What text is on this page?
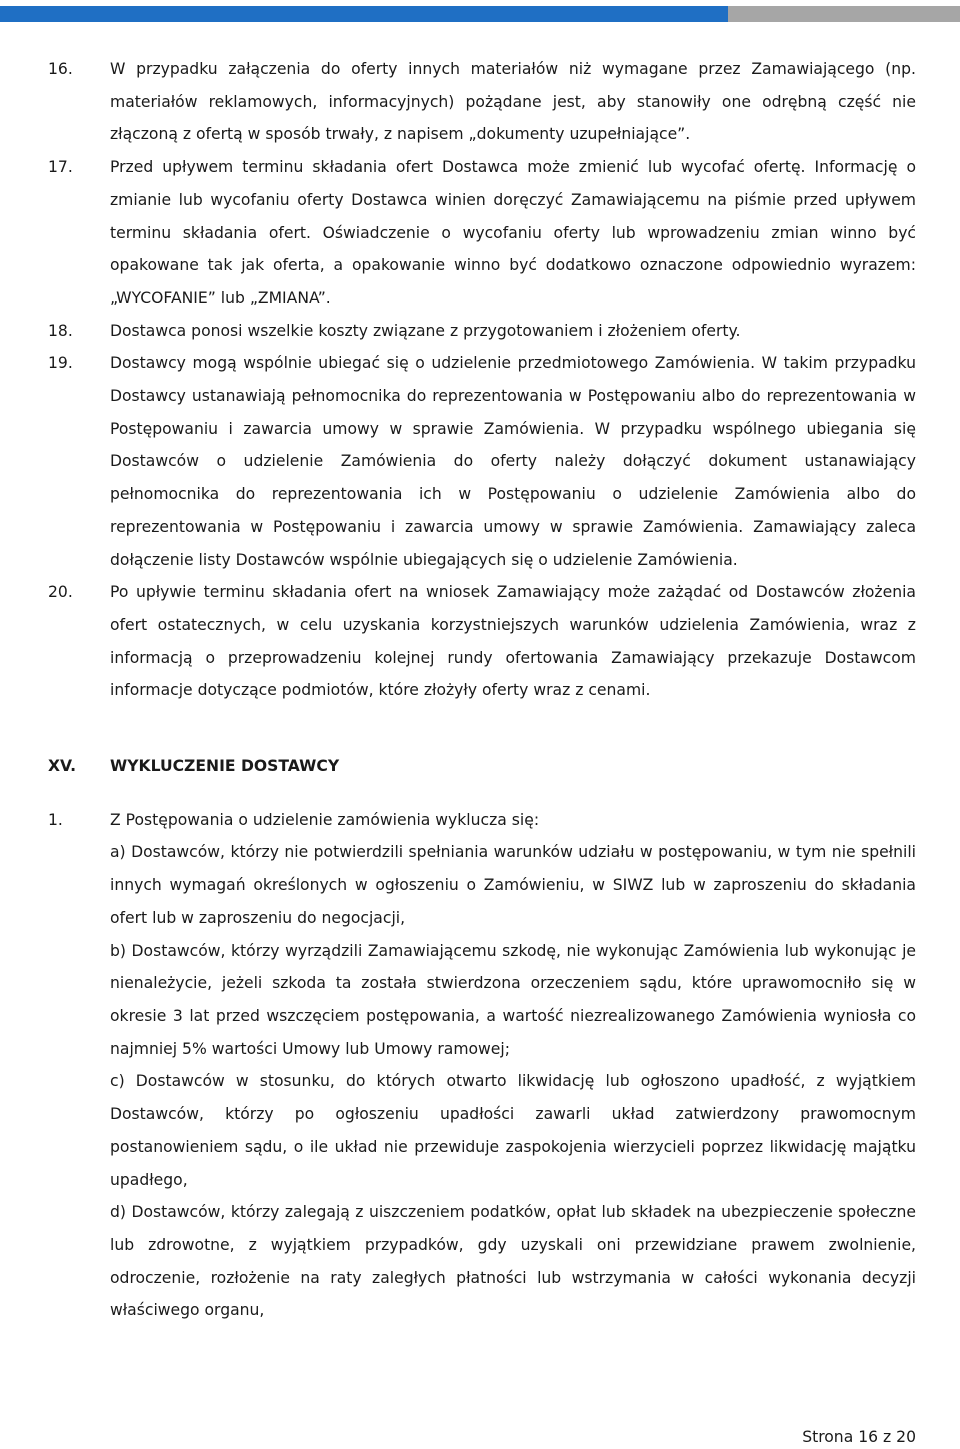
16.	W przypadku załączenia do oferty innych materiałów niż wymagane przez Zamawiającego (np. materiałów reklamowych, informacyjnych) pożądane jest, aby stanowiły one odrębną część nie złączoną z ofertą w sposób trwały, z napisem „dokumenty uzupełniające”.

17.	Przed upływem terminu składania ofert Dostawca może zmienić lub wycofać ofertę. Informację o zmianie lub wycofaniu oferty Dostawca winien doręczyć Zamawiającemu na piśmie przed upływem terminu składania ofert. Oświadczenie o wycofaniu oferty lub wprowadzeniu zmian winno być opakowane tak jak oferta, a opakowanie winno być dodatkowo oznaczone odpowiednio wyrazem: „WYCOFANIE” lub „ZMIANA”.

18.	Dostawca ponosi wszelkie koszty związane z przygotowaniem i złożeniem oferty.

19.	Dostawcy mogą wspólnie ubiegać się o udzielenie przedmiotowego Zamówienia. W takim przypadku Dostawcy ustanawiają pełnomocnika do reprezentowania w Postępowaniu albo do reprezentowania w Postępowaniu i zawarcia umowy w sprawie Zamówienia. W przypadku wspólnego ubiegania się Dostawców o udzielenie Zamówienia do oferty należy dołączyć dokument ustanawiający pełnomocnika do reprezentowania ich w Postępowaniu o udzielenie Zamówienia albo do reprezentowania w Postępowaniu i zawarcia umowy w sprawie Zamówienia. Zamawiający zaleca dołączenie listy Dostawców wspólnie ubiegających się o udzielenie Zamówienia.

20.	Po upływie terminu składania ofert na wniosek Zamawiający może zażądać od Dostawców złożenia ofert ostatecznych, w celu uzyskania korzystniejszych warunków udzielenia Zamówienia, wraz z informacją o przeprowadzeniu kolejnej rundy ofertowania Zamawiający przekazuje Dostawcom informacje dotyczące podmiotów, które złożyły oferty wraz z cenami.

XV.	WYKLUCZENIE DOSTAWCY
1.	Z Postępowania o udzielenie zamówienia wyklucza się:

a) Dostawców, którzy nie potwierdzili spełniania warunków udziału w postępowaniu, w tym nie spełnili innych wymagań określonych w ogłoszeniu o Zamówieniu, w SIWZ lub w zaproszeniu do składania ofert lub w zaproszeniu do negocjacji,

b) Dostawców, którzy wyrządzili Zamawiającemu szkodę, nie wykonując Zamówienia lub wykonując je nienależycie, jeżeli szkoda ta została stwierdzona orzeczeniem sądu, które uprawomocniło się w okresie 3 lat przed wszczęciem postępowania, a wartość niezrealizowanego Zamówienia wyniosła co najmniej 5% wartości Umowy lub Umowy ramowej;

c) Dostawców w stosunku, do których otwarto likwidację lub ogłoszono upadłość, z wyjątkiem Dostawców, którzy po ogłoszeniu upadłości zawarli układ zatwierdzony prawomocnym postanowieniem sądu, o ile układ nie przewiduje zaspokojenia wierzycieli poprzez likwidację majątku upadłego,

d) Dostawców, którzy zalegają z uiszczeniem podatków, opłat lub składek na ubezpieczenie społeczne lub zdrowotne, z wyjątkiem przypadków, gdy uzyskali oni przewidziane prawem zwolnienie, odroczenie, rozłożenie na raty zaległych płatności lub wstrzymania w całości wykonania decyzji właściwego organu,

Strona 16 z 20
